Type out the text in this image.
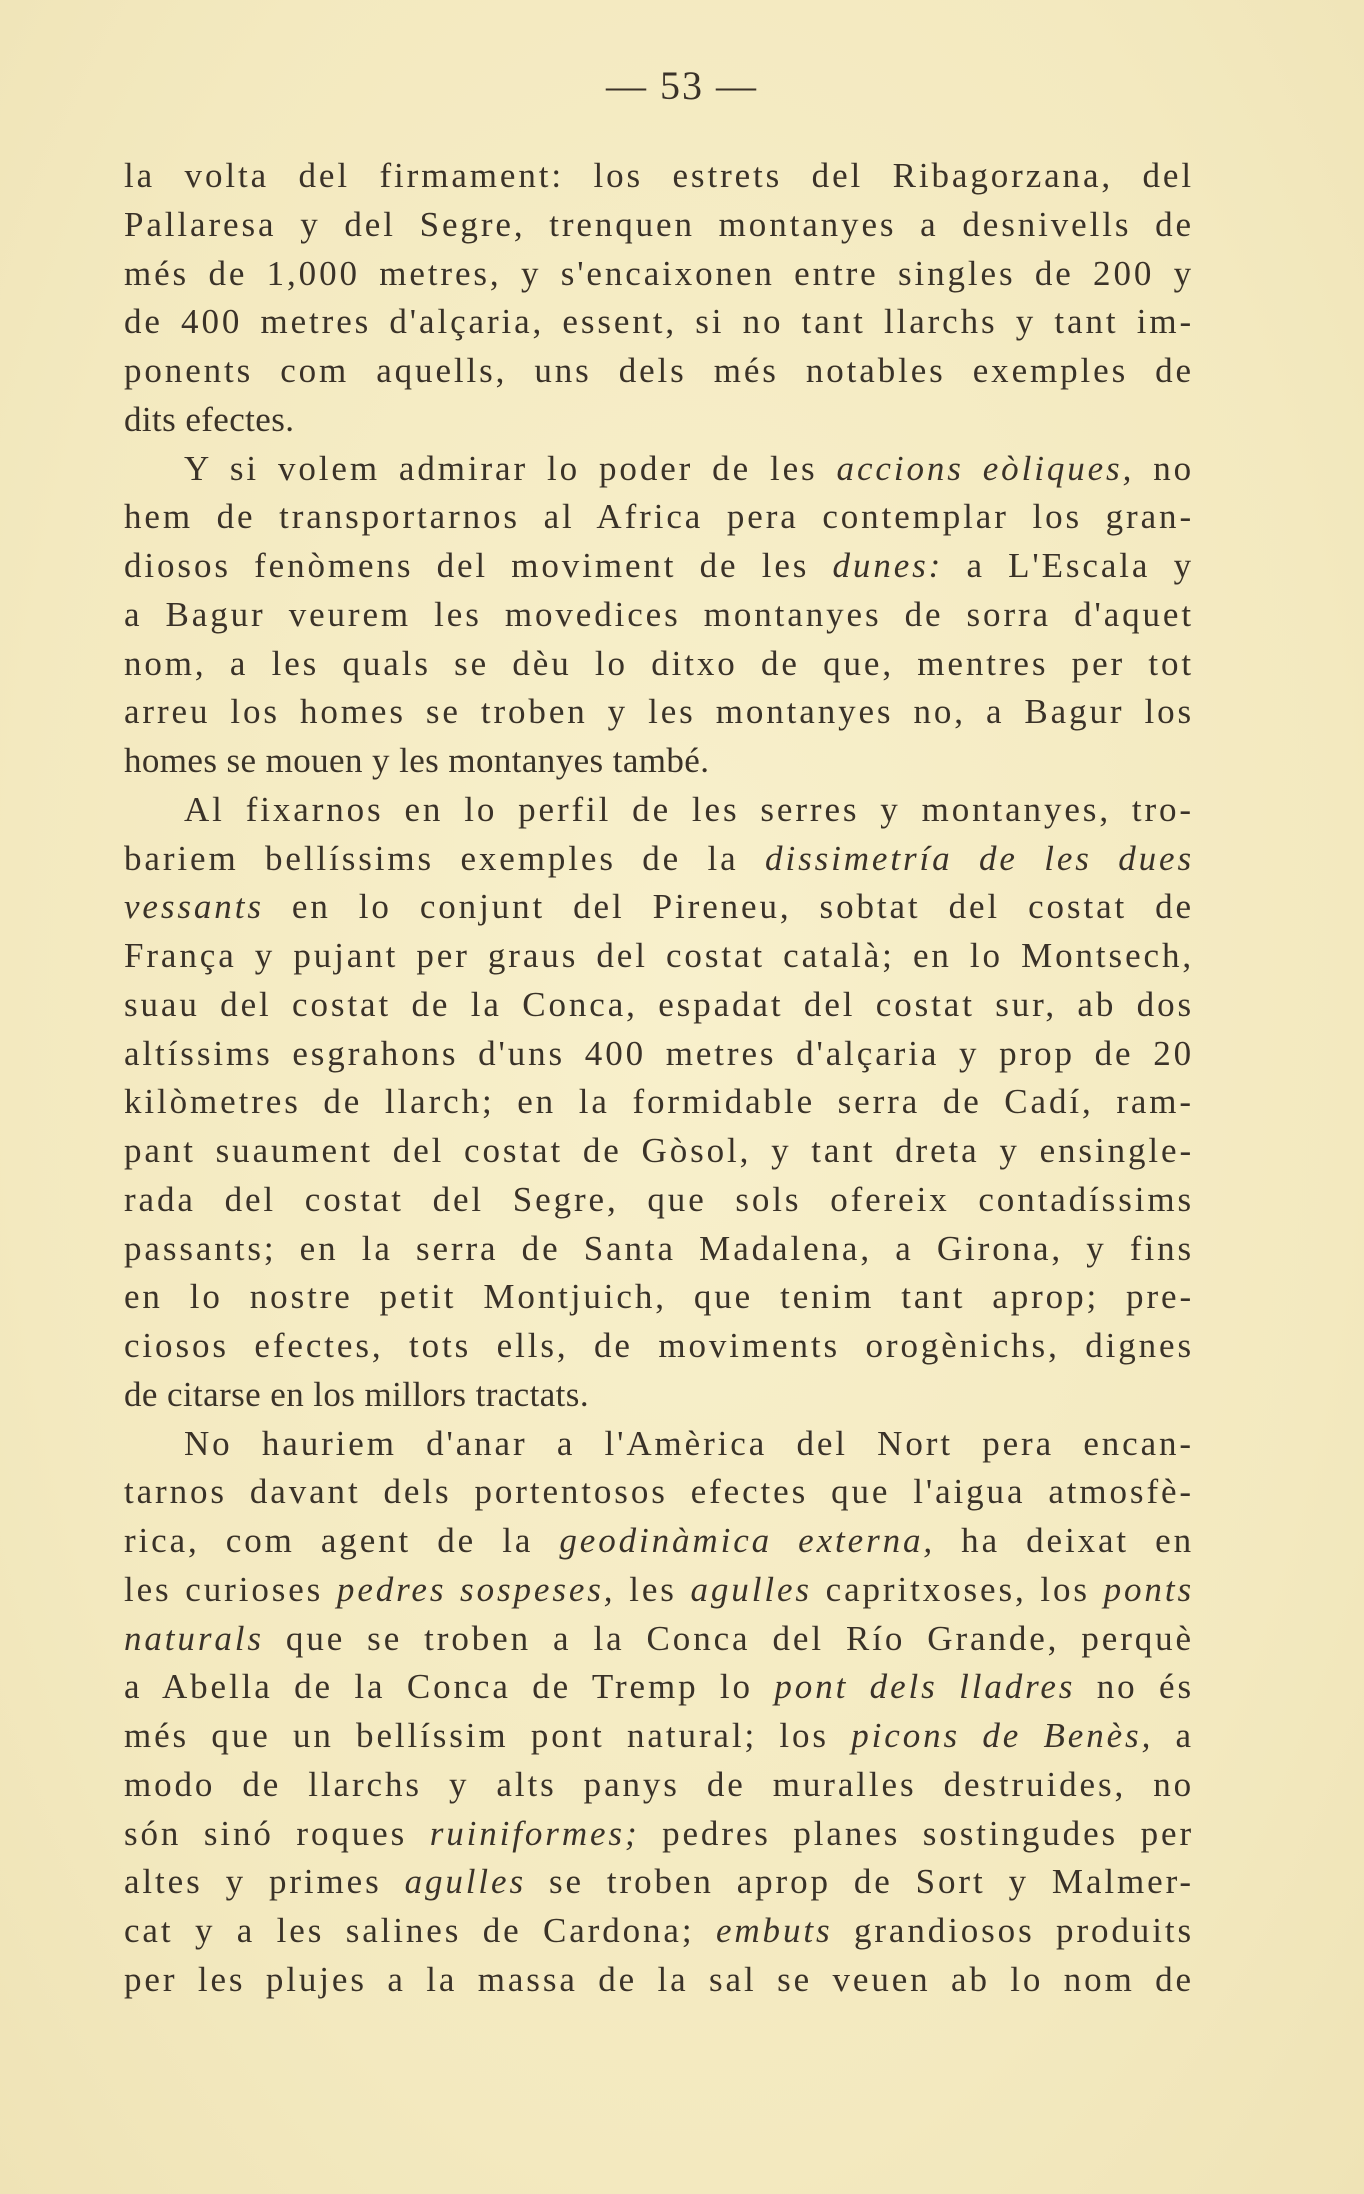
— 53 —
la volta del firmament: los estrets del Ribagorzana, del
Pallaresa y del Segre, trenquen montanyes a desnivells de
més de 1,000 metres, y s'encaixonen entre singles de 200 y
de 400 metres d'alçaria, essent, si no tant llarchs y tant im-
ponents com aquells, uns dels més notables exemples de
dits efectes.
Y si volem admirar lo poder de les accions eòliques, no
hem de transportarnos al Africa pera contemplar los gran-
diosos fenòmens del moviment de les dunes: a L'Escala y
a Bagur veurem les movedices montanyes de sorra d'aquet
nom, a les quals se dèu lo ditxo de que, mentres per tot
arreu los homes se troben y les montanyes no, a Bagur los
homes se mouen y les montanyes també.
Al fixarnos en lo perfil de les serres y montanyes, tro-
bariem bellíssims exemples de la dissimetría de les dues
vessants en lo conjunt del Pireneu, sobtat del costat de
França y pujant per graus del costat català; en lo Montsech,
suau del costat de la Conca, espadat del costat sur, ab dos
altíssims esgrahons d'uns 400 metres d'alçaria y prop de 20
kilòmetres de llarch; en la formidable serra de Cadí, ram-
pant suaument del costat de Gòsol, y tant dreta y ensingle-
rada del costat del Segre, que sols ofereix contadíssims
passants; en la serra de Santa Madalena, a Girona, y fins
en lo nostre petit Montjuich, que tenim tant aprop; pre-
ciosos efectes, tots ells, de moviments orogènichs, dignes
de citarse en los millors tractats.
No hauriem d'anar a l'Amèrica del Nort pera encan-
tarnos davant dels portentosos efectes que l'aigua atmosfè-
rica, com agent de la geodinàmica externa, ha deixat en
les curioses pedres sospeses, les agulles capritxoses, los ponts
naturals que se troben a la Conca del Río Grande, perquè
a Abella de la Conca de Tremp lo pont dels lladres no és
més que un bellíssim pont natural; los picons de Benès, a
modo de llarchs y alts panys de muralles destruides, no
són sinó roques ruiniformes; pedres planes sostingudes per
altes y primes agulles se troben aprop de Sort y Malmer-
cat y a les salines de Cardona; embuts grandiosos produits
per les plujes a la massa de la sal se veuen ab lo nom de
